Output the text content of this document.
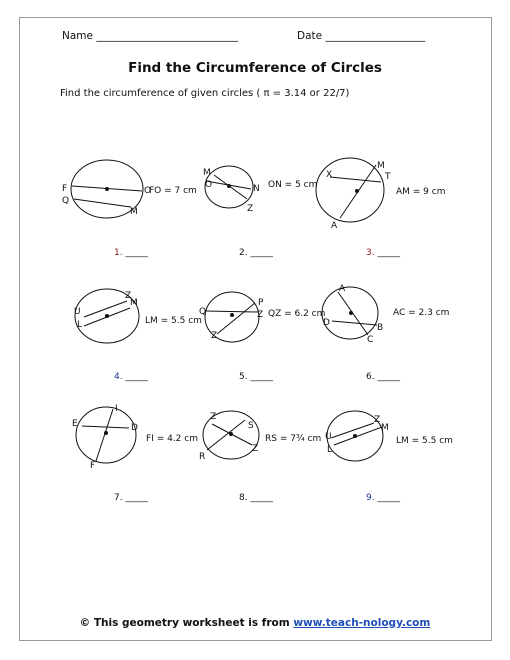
Name ___________________________	Date ___________________
Find the Circumference of Circles
Find the circumference of given circles ( π = 3.14 or 22/7)
F	O
Q
M
M
O	N
Z
M
X	T
A
Z
U
M
L
Q
P
Z
Z
A
D	B
C
I
E	D
F
Z
S
R
Z
Z
U
M
L
FO = 7 cm
ON = 5 cm
AM = 9 cm
LM = 5.5 cm
QZ = 6.2 cm	AC = 2.3 cm
FI = 4.2 cm	RS = 7¾ cm	LM = 5.5 cm
1. _____	2. _____	3. _____
4. _____	5. _____	6. _____
7. _____	8. _____	9. _____
© This geometry worksheet is from www.teach-nology.com
